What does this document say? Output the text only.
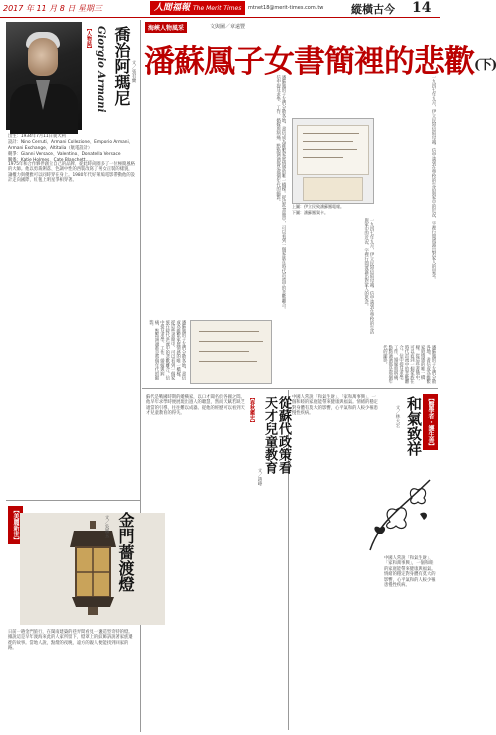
2017 年 11 月 8 日 星期三	人間福報 The Merit Times	mtnet18@merit-times.com.tw	縱橫古今 14
【人物誌】 Giorgio Armani 喬治阿瑪尼 文／張君蘭
出生：1934年7月11日義大利
設計：Nino Cerruti、Armani Collezione、Emporio Armani、Armani Exchange、Altitalia（航電設計）
競爭：Gianni Versace、Valentino、Donatella Versace
關係：Katie Holmes、Cate Blanchett……
1975年和合作夥伴創立自己的品牌，從此時尚圈多了一位極簡風格的大師。他以剪裁俐落、色調中性的西裝改寫了男女正裝的樣貌，讓權力與優雅可以同時穿在身上。1980年代好萊塢電影帶動他的設計走向國際，紅毯上明星爭相穿著。
【美麗新世】	文／吳鳳玉 金門薔渡燈
日前一趟金門旅行，在閩南建築的巷弄間看見一盞造型奇特的燈。據說這是早年渡海來此的人家所留下，燈罩上的紋飾訴說著家族遷徙的故事。當地人說，點燈的夜晚，遠方的親人便能找到回家的路。
海峽人物風采	文與圖／章遠豐
潘蘇鳳子女書簡裡的悲歡(下)
一九四七年九月，伊立民寫信給母親。信中談到在學校的生活與家中的近況，字裡行間流露出對家人的思念。
上圖：伊立民致潘蘇鳳電報。
下圖：潘蘇鳳賀卡。
潘蘇鳳的子女們分散各地，書信成為維繫家庭情感的唯一橋樑。從這些書簡中，可以看到一個家族在時代洪流中的悲歡離合。信中提及求學、工作、婚嫁與病痛，點點滴滴都是那個年代的縮影。
一九四七年九月，伊立民寫信給母親。信中談到在學校的生活與家中的近況，字裡行間流露出對家人的思念。
潘蘇鳳的子女們分散各地，書信成為維繫家庭情感的唯一橋樑。從這些書簡中，可以看到一個家族在時代洪流中的悲歡離合。信中提及求學、工作、婚嫁與病痛，點點滴滴都是那個年代的縮影。
潘蘇鳳的子女們分散各地，書信成為維繫家庭情感的唯一橋樑。從這些書簡中，可以看到一個家族在時代洪流中的悲歡離合。信中提及求學、工作、婚嫁與病痛，點點滴滴都是那個年代的縮影。
蘇代是戰國時期的縱橫家，以口才聞名於各國之間。他早年求學時便展現出過人的聰慧，然而天賦若缺乏適當的引導，往往難以成器。從他的經歷可以看到天才兒童教育的得失。	【春秋鑑史】
文／趙峰
從蘇代政策看
天才兒童教育	【醫學者・護生善】
和氣致祥
文／林大宏
中國人常說「和氣生財」、「家和萬事興」，一個和睦的家庭能帶來健康與福氣。情緒的穩定對身體有莫大的影響，心平氣和的人較少罹患慢性疾病。
中國人常說「和氣生財」、「家和萬事興」，一個和睦的家庭能帶來健康與福氣。情緒的穩定對身體有莫大的影響，心平氣和的人較少罹患慢性疾病。
